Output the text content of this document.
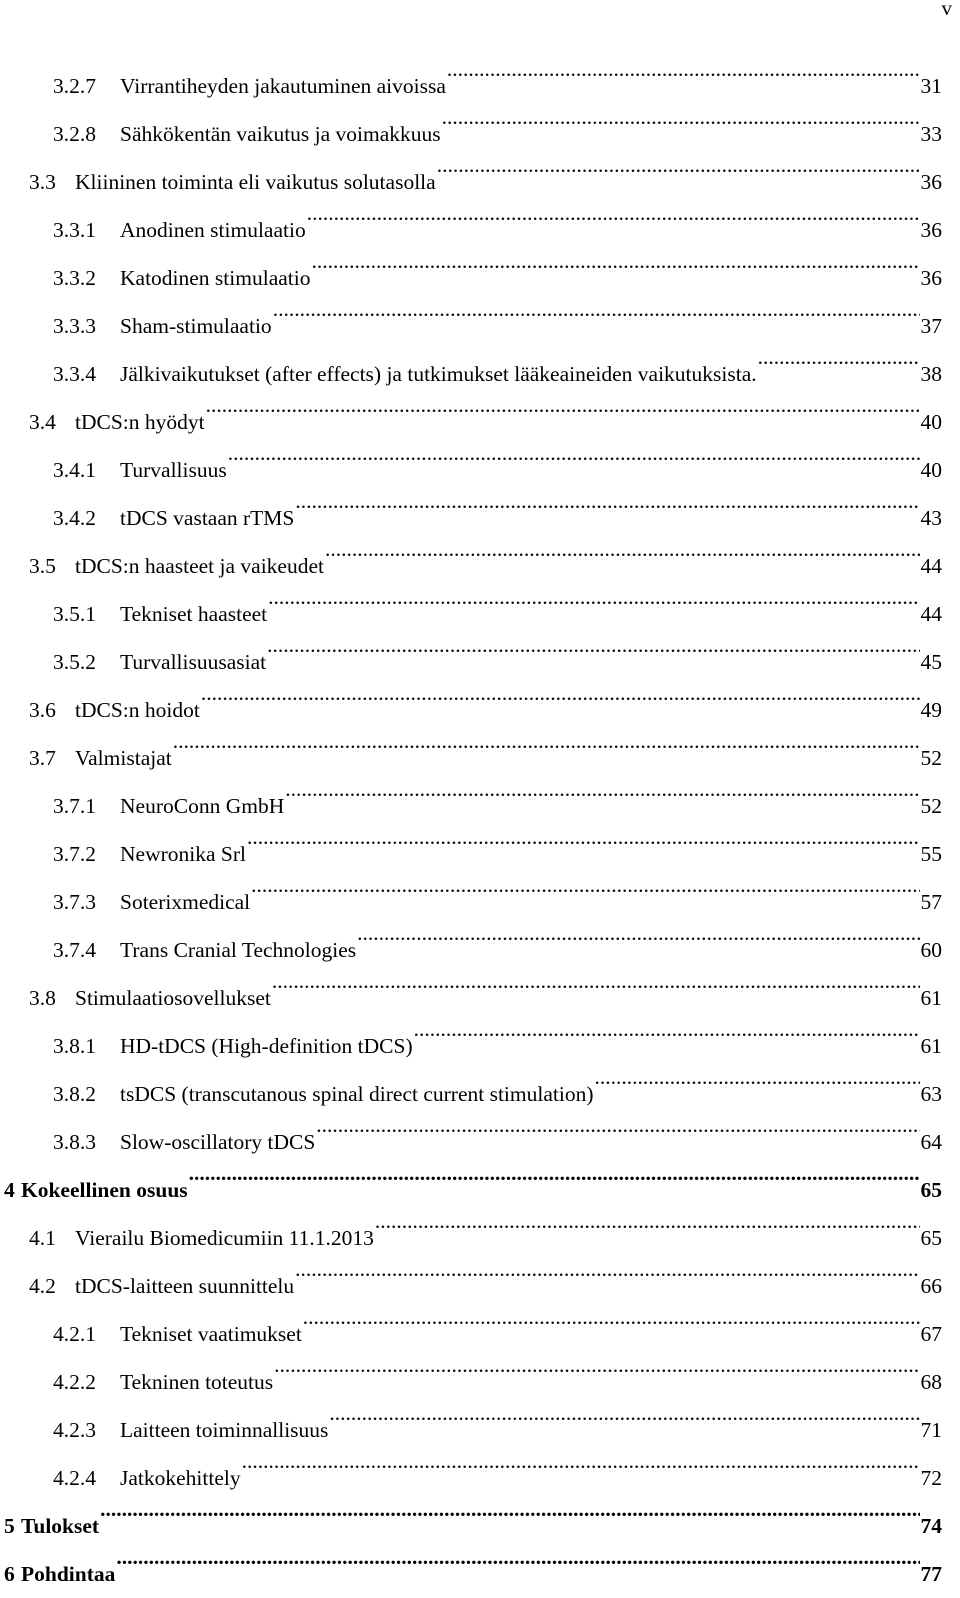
v
3.2.7	Virrantiheyden jakautuminen aivoissa .....	31
3.2.8	Sähkökentän vaikutus ja voimakkuus .....	33
3.3 Kliininen toiminta eli vaikutus solutasolla .....	36
3.3.1	Anodinen stimulaatio .....	36
3.3.2	Katodinen stimulaatio .....	36
3.3.3	Sham-stimulaatio .....	37
3.3.4	Jälkivaikutukset (after effects) ja tutkimukset lääkeaineiden vaikutuksista. .....	38
3.4 tDCS:n hyödyt .....	40
3.4.1	Turvallisuus .....	40
3.4.2	tDCS vastaan rTMS .....	43
3.5 tDCS:n haasteet ja vaikeudet .....	44
3.5.1	Tekniset haasteet .....	44
3.5.2	Turvallisuusasiat .....	45
3.6 tDCS:n hoidot .....	49
3.7 Valmistajat .....	52
3.7.1	NeuroConn GmbH .....	52
3.7.2	Newronika Srl .....	55
3.7.3	Soterixmedical .....	57
3.7.4	Trans Cranial Technologies .....	60
3.8 Stimulaatiosovellukset .....	61
3.8.1	HD-tDCS (High-definition tDCS) .....	61
3.8.2	tsDCS (transcutanous spinal direct current stimulation) .....	63
3.8.3	Slow-oscillatory tDCS .....	64
4 Kokeellinen osuus .....	65
4.1 Vierailu Biomedicumiin 11.1.2013 .....	65
4.2 tDCS-laitteen suunnittelu .....	66
4.2.1	Tekniset vaatimukset .....	67
4.2.2	Tekninen toteutus .....	68
4.2.3	Laitteen toiminnallisuus .....	71
4.2.4	Jatkokehittely .....	72
5 Tulokset .....	74
6 Pohdintaa .....	77
